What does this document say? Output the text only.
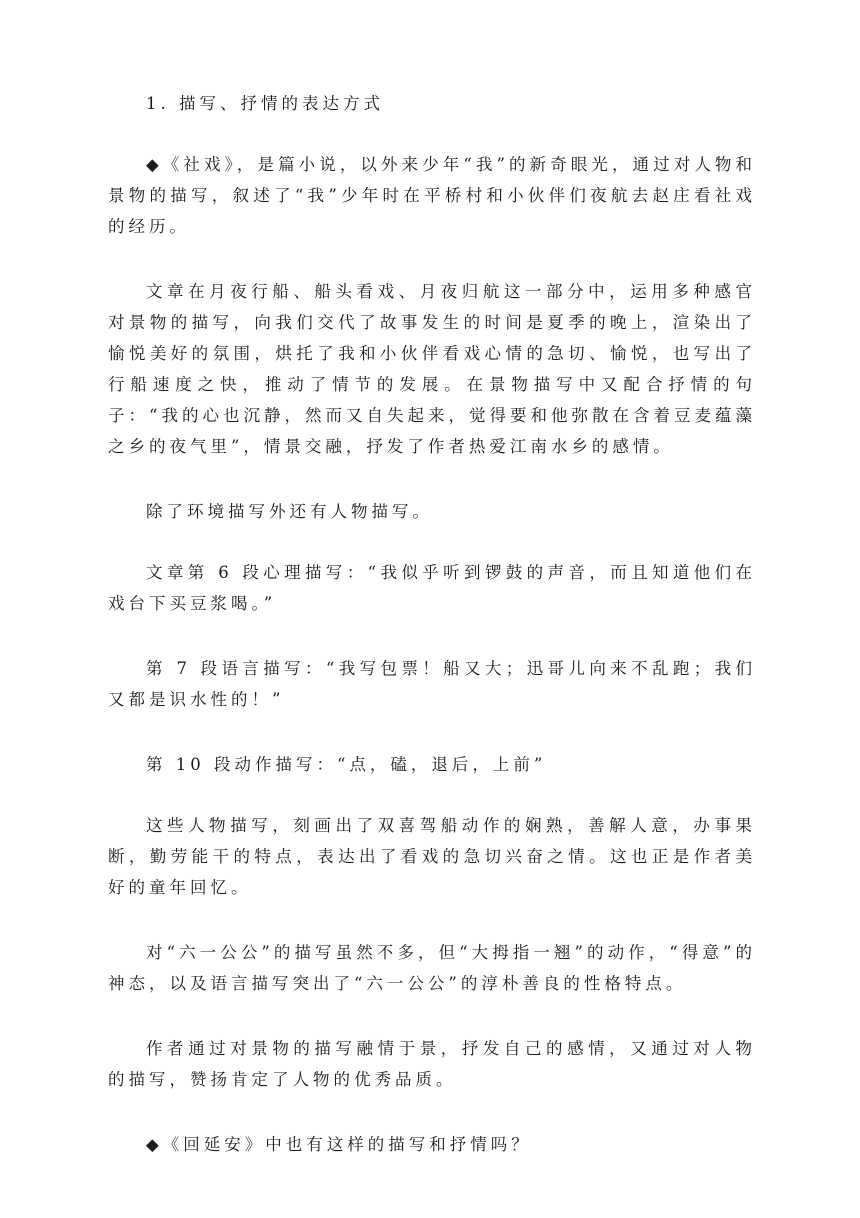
1. 描写、抒情的表达方式

◆《社戏》，是篇小说，以外来少年“我”的新奇眼光，通过对人物和景物的描写，叙述了“我”少年时在平桥村和小伙伴们夜航去赵庄看社戏的经历。

文章在月夜行船、船头看戏、月夜归航这一部分中，运用多种感官对景物的描写，向我们交代了故事发生的时间是夏季的晚上，渲染出了愉悦美好的氛围，烘托了我和小伙伴看戏心情的急切、愉悦，也写出了行船速度之快，推动了情节的发展。在景物描写中又配合抒情的句子：“我的心也沉静，然而又自失起来，觉得要和他弥散在含着豆麦蕴藻之乡的夜气里”，情景交融，抒发了作者热爱江南水乡的感情。

除了环境描写外还有人物描写。

文章第 6 段心理描写：“我似乎听到锣鼓的声音，而且知道他们在戏台下买豆浆喝。”

第 7 段语言描写：“我写包票！船又大；迅哥儿向来不乱跑；我们又都是识水性的！”

第 10 段动作描写：“点，磕，退后，上前”

这些人物描写，刻画出了双喜驾船动作的娴熟，善解人意，办事果断，勤劳能干的特点，表达出了看戏的急切兴奋之情。这也正是作者美好的童年回忆。

对“六一公公”的描写虽然不多，但“大拇指一翘”的动作，“得意”的神态，以及语言描写突出了“六一公公”的淳朴善良的性格特点。

作者通过对景物的描写融情于景，抒发自己的感情，又通过对人物的描写，赞扬肯定了人物的优秀品质。

◆《回延安》中也有这样的描写和抒情吗？
